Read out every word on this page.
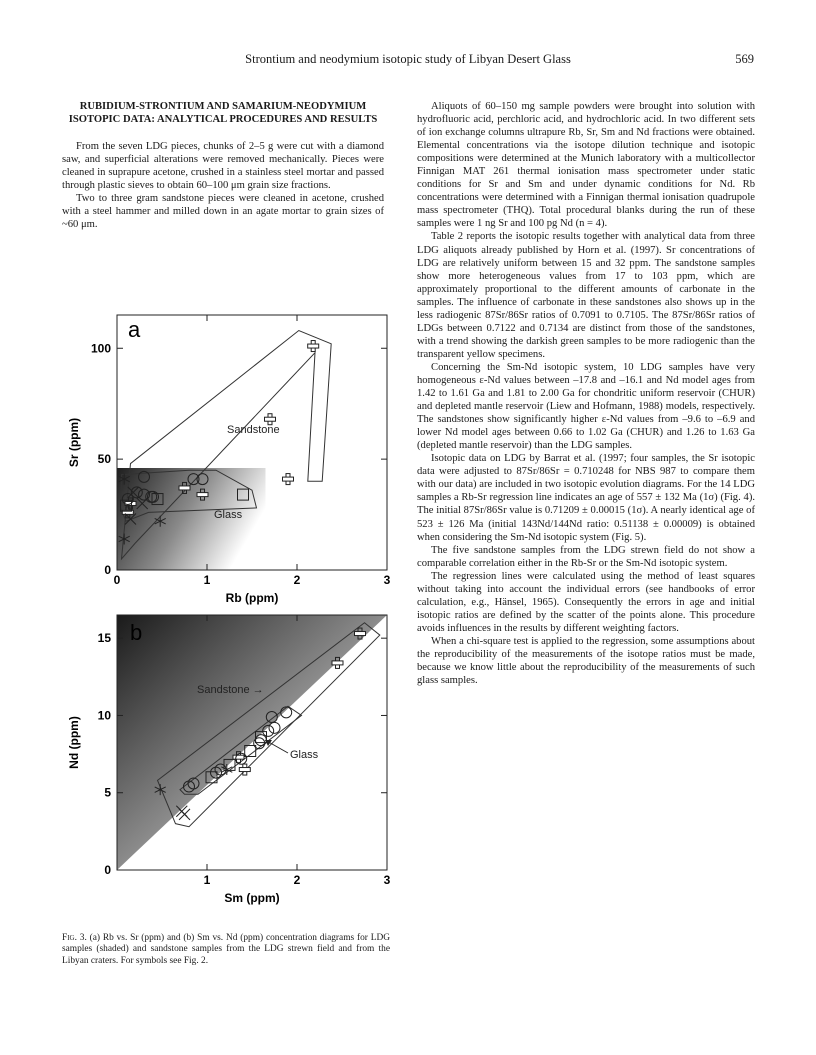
Strontium and neodymium isotopic study of Libyan Desert Glass	569
RUBIDIUM-STRONTIUM AND SAMARIUM-NEODYMIUM ISOTOPIC DATA: ANALYTICAL PROCEDURES AND RESULTS

From the seven LDG pieces, chunks of 2–5 g were cut with a diamond saw, and superficial alterations were removed mechanically. Pieces were cleaned in suprapure acetone, crushed in a stainless steel mortar and passed through plastic sieves to obtain 60–100 μm grain size fractions.

Two to three gram sandstone pieces were cleaned in acetone, crushed with a steel hammer and milled down in an agate mortar to grain sizes of ~60 μm.

Aliquots of 60–150 mg sample powders were brought into solution with hydrofluoric acid, perchloric acid, and hydrochloric acid. In two different sets of ion exchange columns ultrapure Rb, Sr, Sm and Nd fractions were obtained. Elemental concentrations via the isotope dilution technique and isotopic compositions were determined at the Munich laboratory with a multicollector Finnigan MAT 261 thermal ionisation mass spectrometer under static conditions for Sr and Sm and under dynamic conditions for Nd. Rb concentrations were determined with a Finnigan thermal ionisation quadrupole mass spectrometer (THQ). Total procedural blanks during the run of these samples were 1 ng Sr and 100 pg Nd (n = 4).

Table 2 reports the isotopic results together with analytical data from three LDG aliquots already published by Horn et al. (1997). Sr concentrations of LDG are relatively uniform between 15 and 32 ppm. The sandstone samples show more heterogeneous values from 17 to 103 ppm, which are approximately proportional to the different amounts of carbonate in the samples. The influence of carbonate in these sandstones also shows up in the less radiogenic 87Sr/86Sr ratios of 0.7091 to 0.7105. The 87Sr/86Sr ratios of LDGs between 0.7122 and 0.7134 are distinct from those of the sandstones, with a trend showing the darkish green samples to be more radiogenic than the transparent yellow specimens.

Concerning the Sm-Nd isotopic system, 10 LDG samples have very homogeneous ε-Nd values between –17.8 and –16.1 and Nd model ages from 1.42 to 1.61 Ga and 1.81 to 2.00 Ga for chondritic uniform reservoir (CHUR) and depleted mantle reservoir (Liew and Hofmann, 1988) models, respectively. The sandstones show significantly higher ε-Nd values from –9.6 to –6.9 and lower Nd model ages between 0.66 to 1.02 Ga (CHUR) and 1.26 to 1.63 Ga (depleted mantle reservoir) than the LDG samples.

Isotopic data on LDG by Barrat et al. (1997; four samples, the Sr isotopic data were adjusted to 87Sr/86Sr = 0.710248 for NBS 987 to compare them with our data) are included in two isotopic evolution diagrams. For the 14 LDG samples a Rb-Sr regression line indicates an age of 557 ± 132 Ma (1σ) (Fig. 4). The initial 87Sr/86Sr value is 0.71209 ± 0.00015 (1σ). A nearly identical age of 523 ± 126 Ma (initial 143Nd/144Nd ratio: 0.51138 ± 0.00009) is obtained when considering the Sm-Nd isotopic system (Fig. 5).

The five sandstone samples from the LDG strewn field do not show a comparable correlation either in the Rb-Sr or the Sm-Nd isotopic system.

The regression lines were calculated using the method of least squares without taking into account the individual errors (see handbooks of error calculation, e.g., Hänsel, 1965). Consequently the errors in age and initial isotopic ratios are defined by the scatter of the points alone. This procedure avoids influences in the results by different weighting factors.

When a chi-square test is applied to the regression, some assumptions about the reproducibility of the measurements of the isotope ratios must be made, because we know little about the reproducibility of the measurements of such glass samples.

0	1	2	3
0
50
100
Rb (ppm)
Sr (ppm)
a
Sandstone
Glass
1	2	3
0
5
10
15
Sm (ppm)
Nd (ppm)
b
Sandstone →
Glass
Fig. 3. (a) Rb vs. Sr (ppm) and (b) Sm vs. Nd (ppm) concentration diagrams for LDG samples (shaded) and sandstone samples from the LDG strewn field and from the Libyan craters. For symbols see Fig. 2.
